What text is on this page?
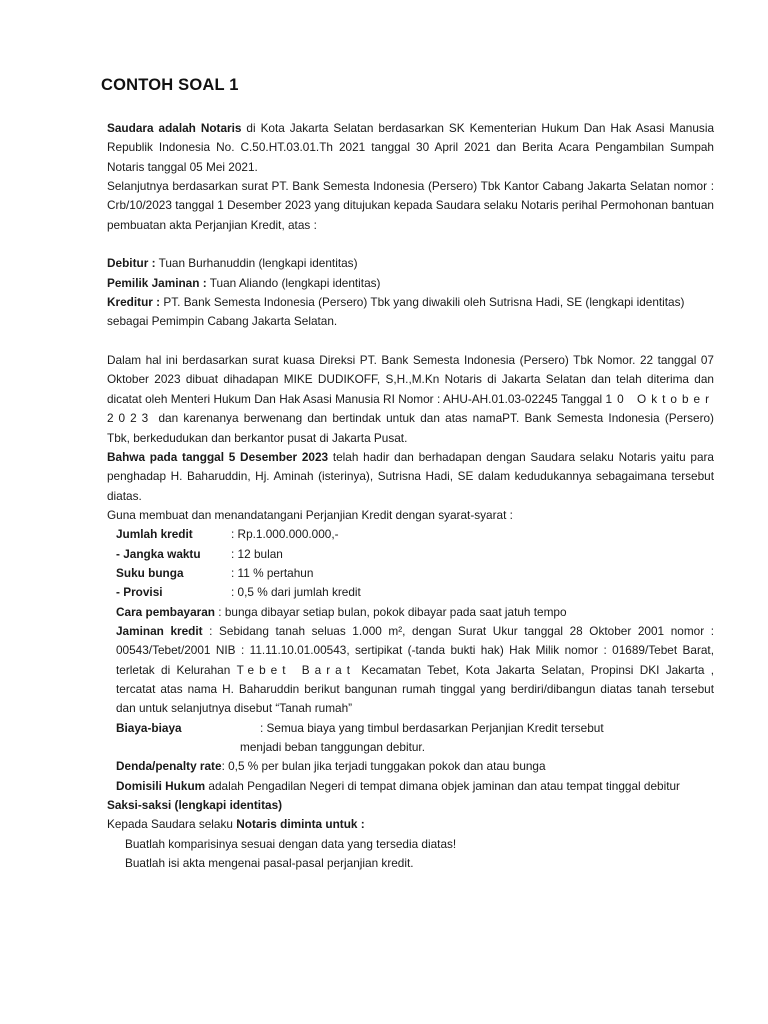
CONTOH SOAL 1

Saudara adalah Notaris di Kota Jakarta Selatan berdasarkan SK Kementerian Hukum Dan Hak Asasi Manusia Republik Indonesia No. C.50.HT.03.01.Th 2021 tanggal 30 April 2021 dan Berita Acara Pengambilan Sumpah Notaris tanggal 05 Mei 2021.

Selanjutnya berdasarkan surat PT. Bank Semesta Indonesia (Persero) Tbk Kantor Cabang Jakarta Selatan nomor : Crb/10/2023 tanggal 1 Desember 2023 yang ditujukan kepada Saudara selaku Notaris perihal Permohonan bantuan pembuatan akta Perjanjian Kredit, atas :

Debitur : Tuan Burhanuddin (lengkapi identitas)

Pemilik Jaminan : Tuan Aliando (lengkapi identitas)

Kreditur : PT. Bank Semesta Indonesia (Persero) Tbk yang diwakili oleh Sutrisna Hadi, SE (lengkapi identitas) sebagai Pemimpin Cabang Jakarta Selatan.

Dalam hal ini berdasarkan surat kuasa Direksi PT. Bank Semesta Indonesia (Persero) Tbk Nomor. 22 tanggal 07 Oktober 2023 dibuat dihadapan MIKE DUDIKOFF, S,H.,M.Kn Notaris di Jakarta Selatan dan telah diterima dan dicatat oleh Menteri Hukum Dan Hak Asasi Manusia RI Nomor : AHU-AH.01.03-02245 Tanggal 10 Oktober 2023 dan karenanya berwenang dan bertindak untuk dan atas namaPT. Bank Semesta Indonesia (Persero) Tbk, berkedudukan dan berkantor pusat di Jakarta Pusat.

Bahwa pada tanggal 5 Desember 2023 telah hadir dan berhadapan dengan Saudara selaku Notaris yaitu para penghadap H. Baharuddin, Hj. Aminah (isterinya), Sutrisna Hadi, SE dalam kedudukannya sebagaimana tersebut diatas.

Guna membuat dan menandatangani Perjanjian Kredit dengan syarat-syarat :

Jumlah kredit	: Rp.1.000.000.000,-
- Jangka waktu	: 12 bulan
Suku bunga	: 11 % pertahun
- Provisi	: 0,5 % dari jumlah kredit
Cara pembayaran : bunga dibayar setiap bulan, pokok dibayar pada saat jatuh tempo
Jaminan kredit : Sebidang tanah seluas 1.000 m², dengan Surat Ukur tanggal 28 Oktober 2001 nomor : 00543/Tebet/2001 NIB : 11.11.10.01.00543, sertipikat (-tanda bukti hak) Hak Milik nomor : 01689/Tebet Barat, terletak di Kelurahan Tebet Barat Kecamatan Tebet, Kota Jakarta Selatan, Propinsi DKI Jakarta , tercatat atas nama H. Baharuddin berikut bangunan rumah tinggal yang berdiri/dibangun diatas tanah tersebut dan untuk selanjutnya disebut “Tanah rumah”
Biaya-biaya	: Semua biaya yang timbul berdasarkan Perjanjian Kredit tersebut
menjadi beban tanggungan debitur.
Denda/penalty rate: 0,5 % per bulan jika terjadi tunggakan pokok dan atau bunga
Domisili Hukum adalah Pengadilan Negeri di tempat dimana objek jaminan dan atau tempat tinggal debitur

Saksi-saksi (lengkapi identitas)

Kepada Saudara selaku Notaris diminta untuk :

Buatlah komparisinya sesuai dengan data yang tersedia diatas!
Buatlah isi akta mengenai pasal-pasal perjanjian kredit.
